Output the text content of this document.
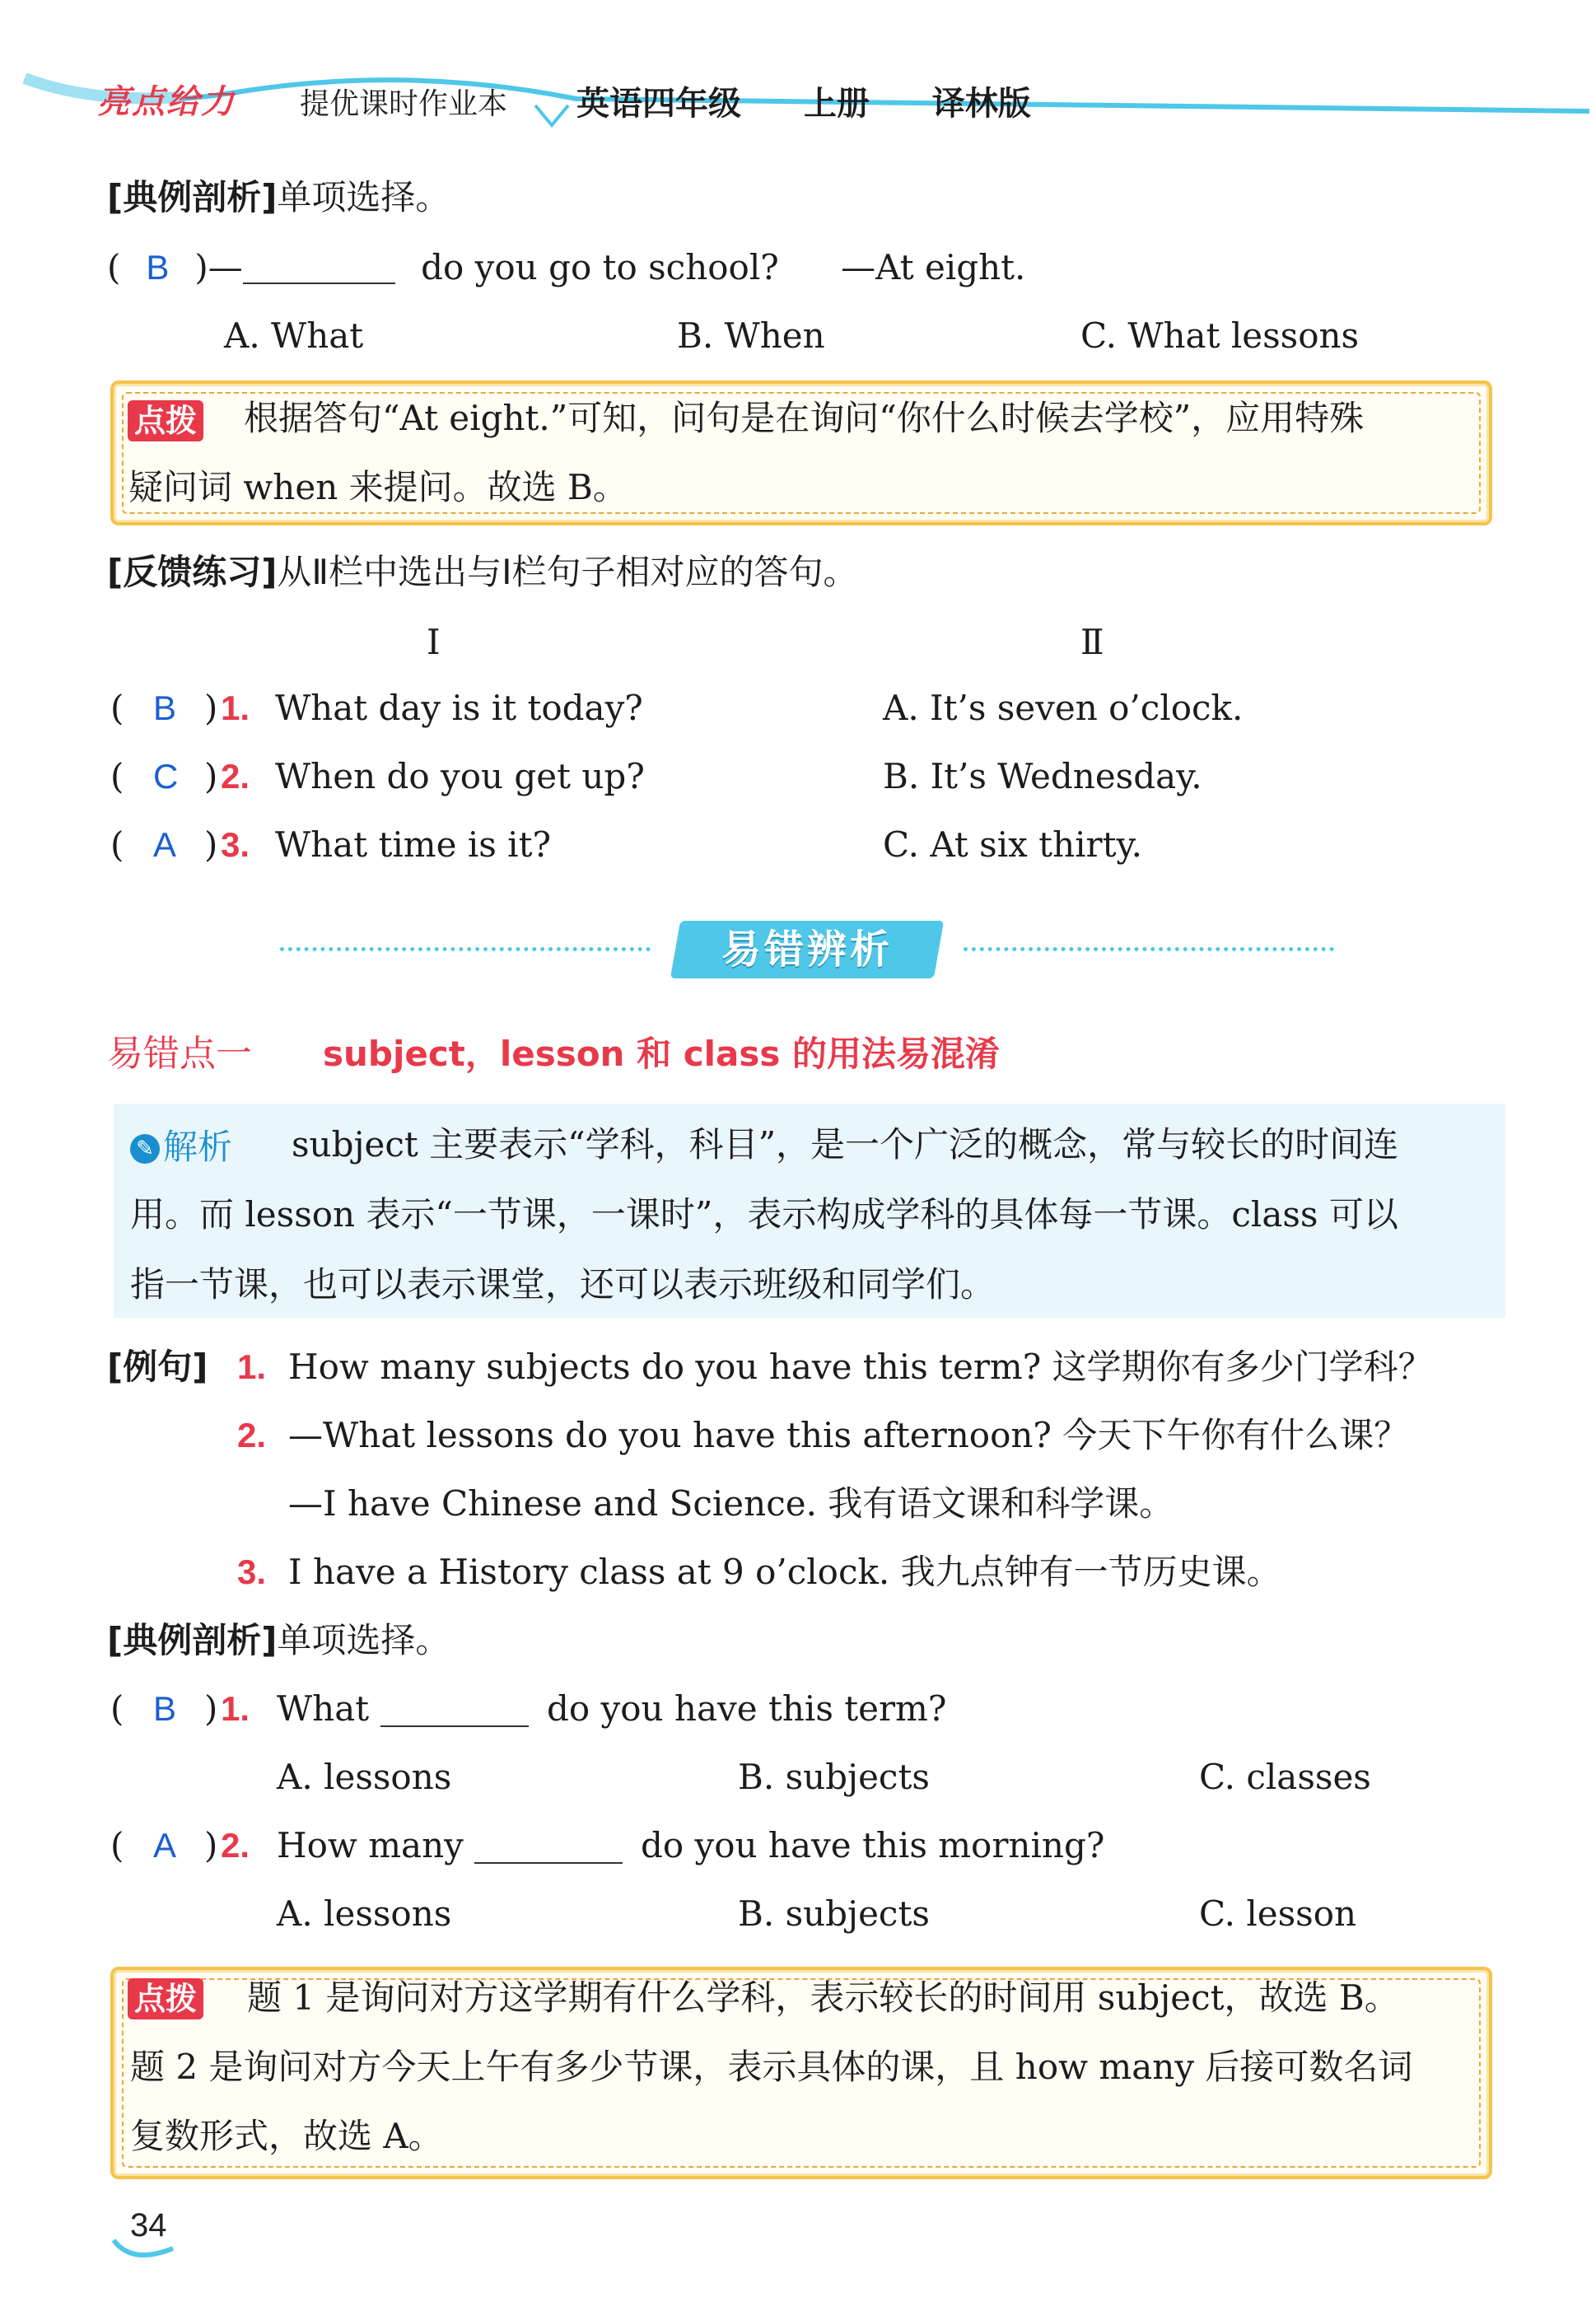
亮点给力 提优课时作业本 英语四年级 上册 译林版
[典例剖析]单项选择。
( B )—	do you go to school? —At eight.
A. What	B. When	C. What lessons
点拨 根据答句“At eight.”可知，问句是在询问“你什么时候去学校”，应用特殊
疑问词 when 来提问。故选 B。
[反馈练习]从Ⅱ栏中选出与Ⅰ栏句子相对应的答句。
Ⅰ	Ⅱ
( B ) 1. What day is it today?	A. It’s seven o’clock.
( C ) 2. When do you get up?	B. It’s Wednesday.
( A ) 3. What time is it?	C. At six thirty.
易错辨析
易错点一 subject，lesson 和 class 的用法易混淆
✎ 解析 subject 主要表示“学科，科目”，是一个广泛的概念，常与较长的时间连
用。而 lesson 表示“一节课，一课时”，表示构成学科的具体每一节课。class 可以
指一节课，也可以表示课堂，还可以表示班级和同学们。
[例句] 1. How many subjects do you have this term? 这学期你有多少门学科？
2. —What lessons do you have this afternoon? 今天下午你有什么课？
—I have Chinese and Science. 我有语文课和科学课。
3. I have a History class at 9 o’clock. 我九点钟有一节历史课。
[典例剖析]单项选择。
( B ) 1. What	do you have this term?
A. lessons	B. subjects	C. classes
( A ) 2. How many	do you have this morning?
A. lessons	B. subjects	C. lesson
点拨 题 1 是询问对方这学期有什么学科，表示较长的时间用 subject，故选 B。
题 2 是询问对方今天上午有多少节课，表示具体的课，且 how many 后接可数名词
复数形式，故选 A。
34
